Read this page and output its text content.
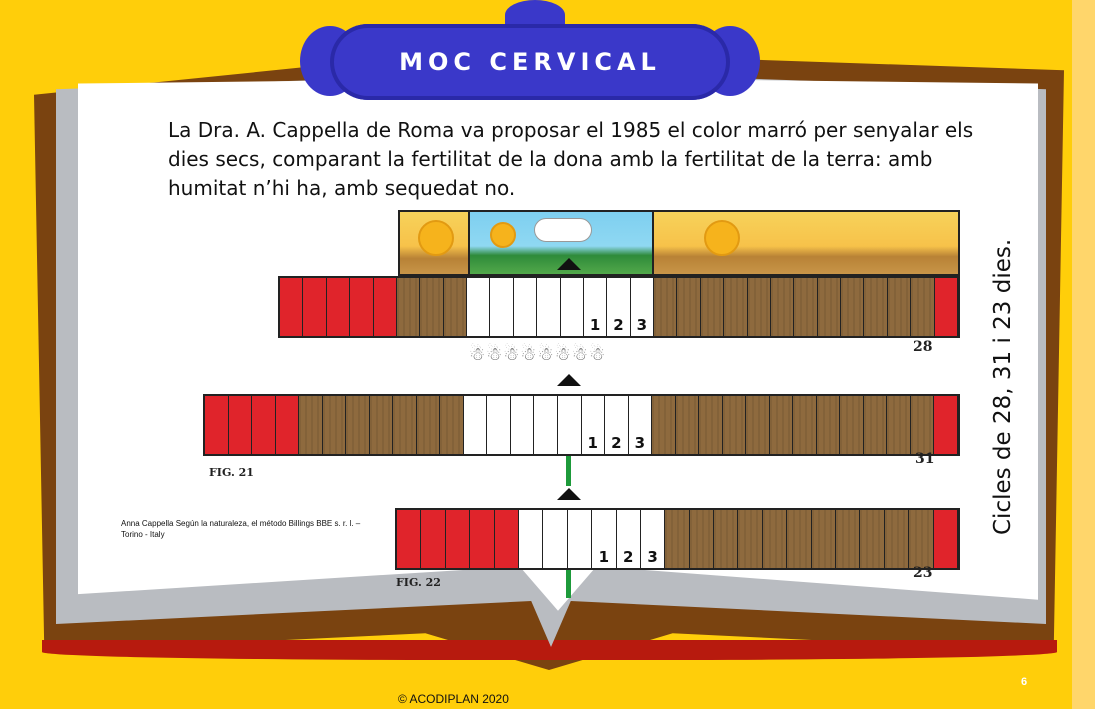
MOC CERVICAL
La Dra. A. Cappella de Roma va proposar el 1985 el color marró per senyalar els dies secs, comparant la fertilitat de la dona amb la fertilitat de la terra: amb humitat n’hi ha, amb sequedat no.
1 2 3
28
☃☃☃☃☃☃☃☃
1 2 3
31
FIG. 21
1 2 3
23
FIG. 22
Anna Cappella Según la naturaleza, el método Billings BBE s. r. l. – Torino - Italy	Cicles de 28, 31 i 23 dies.
© ACODIPLAN 2020
6
